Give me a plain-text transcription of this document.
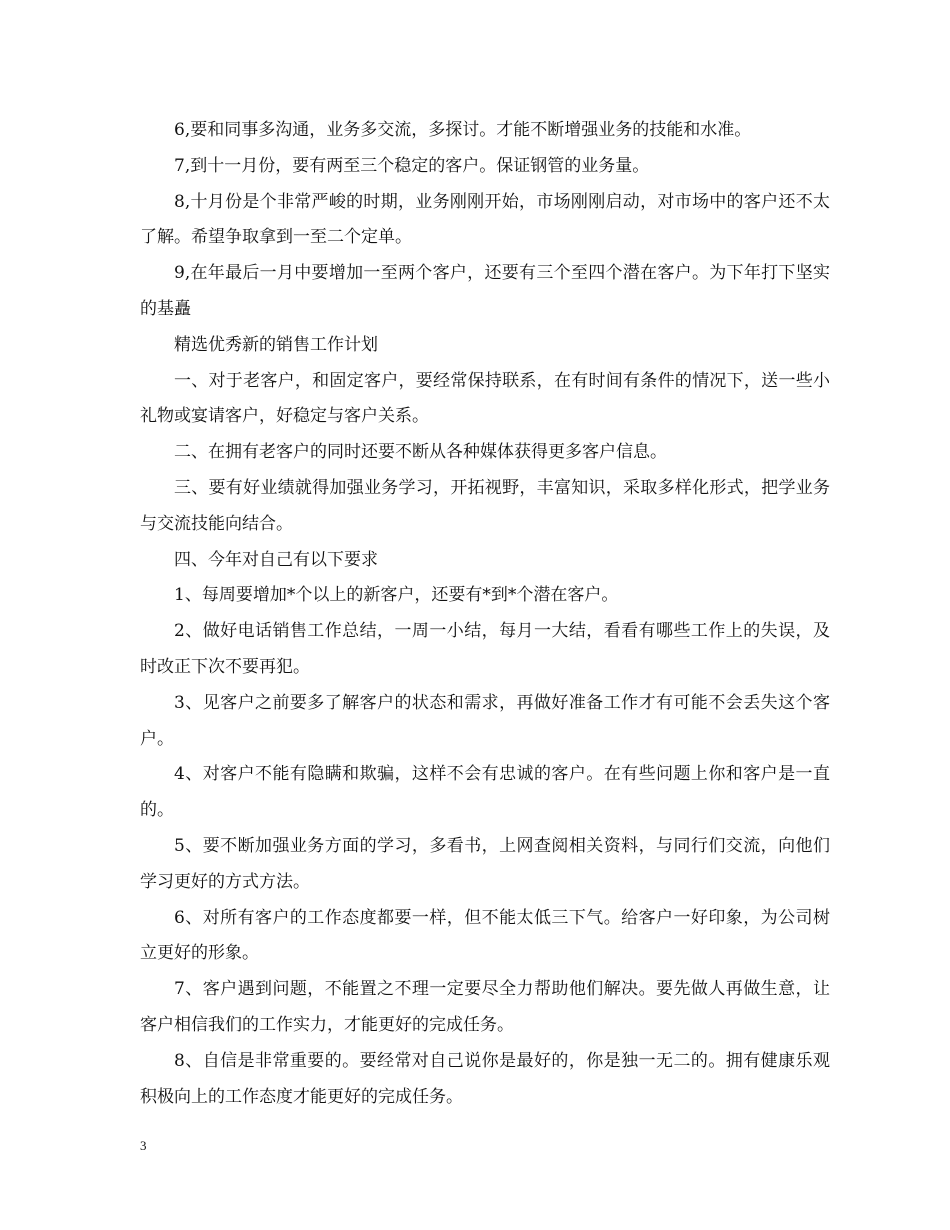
6,要和同事多沟通，业务多交流，多探讨。才能不断增强业务的技能和水准。

7,到十一月份，要有两至三个稳定的客户。保证钢管的业务量。

8,十月份是个非常严峻的时期，业务刚刚开始，市场刚刚启动，对市场中的客户还不太了解。希望争取拿到一至二个定单。

9,在年最后一月中要增加一至两个客户，还要有三个至四个潜在客户。为下年打下坚实的基矗

精选优秀新的销售工作计划

一、对于老客户，和固定客户，要经常保持联系，在有时间有条件的情况下，送一些小礼物或宴请客户，好稳定与客户关系。

二、在拥有老客户的同时还要不断从各种媒体获得更多客户信息。

三、要有好业绩就得加强业务学习，开拓视野，丰富知识，采取多样化形式，把学业务与交流技能向结合。

四、今年对自己有以下要求

1、每周要增加*个以上的新客户，还要有*到*个潜在客户。

2、做好电话销售工作总结，一周一小结，每月一大结，看看有哪些工作上的失误，及时改正下次不要再犯。

3、见客户之前要多了解客户的状态和需求，再做好准备工作才有可能不会丢失这个客户。

4、对客户不能有隐瞒和欺骗，这样不会有忠诚的客户。在有些问题上你和客户是一直的。

5、要不断加强业务方面的学习，多看书，上网查阅相关资料，与同行们交流，向他们学习更好的方式方法。

6、对所有客户的工作态度都要一样，但不能太低三下气。给客户一好印象，为公司树立更好的形象。

7、客户遇到问题，不能置之不理一定要尽全力帮助他们解决。要先做人再做生意，让客户相信我们的工作实力，才能更好的完成任务。

8、自信是非常重要的。要经常对自己说你是最好的，你是独一无二的。拥有健康乐观积极向上的工作态度才能更好的完成任务。

3
